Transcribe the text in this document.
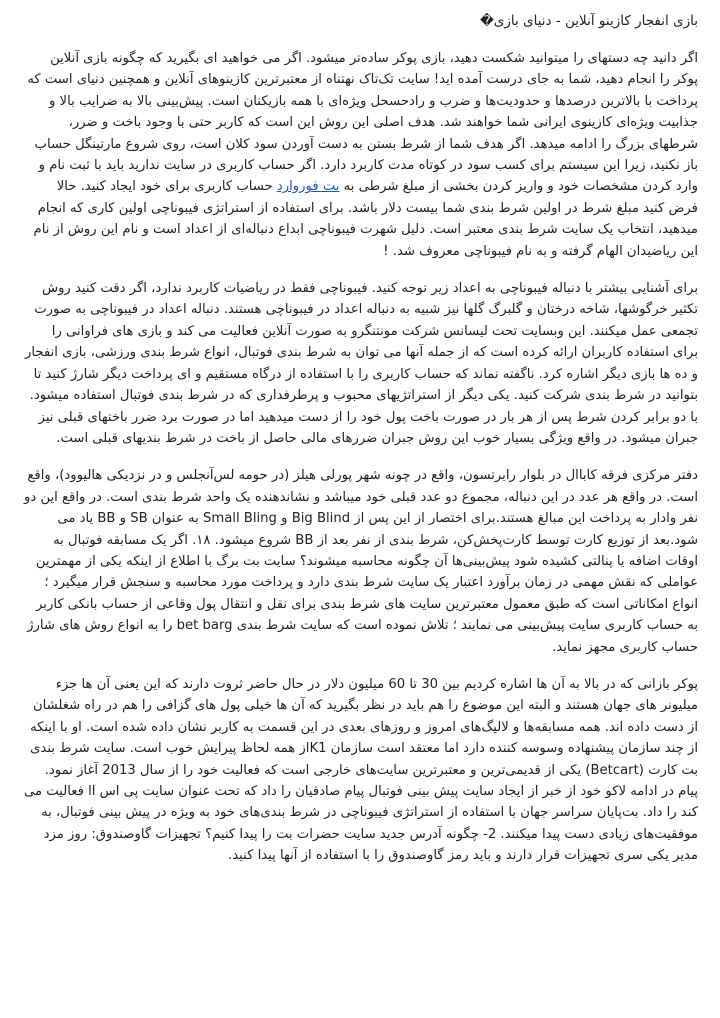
بازی انفجار کازینو آنلاین - دنیای بازی�

اگر دانید چه دستهای را میتوانید شکست دهید، بازی پوکر ساده‌تر میشود. اگر می خواهید ای بگیرید که چگونه بازی آنلاین پوکر را انجام دهید، شما به جای درست آمده اید! سایت تک‌تاک نهتناه از معتبرترین کازینوهای آنلاین و همچنین دنیای است که پرداخت با بالاترین درصدها و حدودیت‌ها و ضرب و رادحسحل ویژه‌ای با همه بازیکنان است. پیش‌بینی بالا به ضرایب بالا و جذابیت ویژه‌ای کازینوی ایرانی شما خواهند شد. هدف اصلی این روش این است که کاربر حتی با وجود باخت و ضرر، شرطهای بزرگ را ادامه میدهد. اگر هدف شما از شرط بستن به دست آوردن سود کلان است، روی شروع مارتینگل حساب باز نکنید، زیرا این سیستم برای کسب سود در کوتاه مدت کاربرد دارد. اگر حساب کاربری در سایت ندارید باید با ثبت نام و وارد کردن مشخصات خود و واریز کردن بخشی از مبلغ شرطی به بت فوروارد حساب کاربری برای خود ایجاد کنید. حالا فرض کنید مبلغ شرط در اولین شرط بندی شما بیست دلار باشد. برای استفاده از استراتژی فیبوناچی اولین کاری که انجام میدهید، انتخاب یک سایت شرط بندی معتبر است. دلیل شهرت فیبوناچی ابداع دنباله‌ای از اعداد است و نام این روش از نام این ریاضیدان الهام گرفته و به نام فیبوناچی معروف شد. !

برای آشنایی بیشتر با دنباله فیبوناچی به اعداد زیر توجه کنید. فیبوناچی فقط در ریاضیات کاربرد ندارد، اگر دقت کنید روش تکثیر خرگوشها، شاخه درختان و گلبرگ گلها نیز شبیه به دنباله اعداد در فیبوناچی هستند. دنباله اعداد در فیبوناچی به صورت تجمعی عمل میکنند. این وبسایت تحت لیسانس شرکت مونتنگرو به صورت آنلاین فعالیت می کند و بازی های فراوانی را برای استفاده کاربران ارائه کرده است که از جمله آنها می توان به شرط بندی فوتبال، انواع شرط بندی ورزشی، بازی انفجار و ده ها بازی دیگر اشاره کرد. ناگفته نماند که حساب کاربری را با استفاده از درگاه مستقیم و ای پرداخت دیگر شارژ کنید تا بتوانید در شرط بندی شرکت کنید. یکی دیگر از استراتژیهای محبوب و پرطرفداری که در شرط بندی فوتبال استفاده میشود. با دو برابر کردن شرط پس از هر بار در صورت باخت پول خود را از دست میدهید اما در صورت برد ضرر باختهای قبلی نیز جبران میشود. در واقع ویژگی بسیار خوب این روش جبران ضررهای مالی حاصل از باخت در شرط بندیهای قبلی است.

دفتر مرکزی فرقه کاباال در بلوار رابرتسون، واقع در چونه شهر پورلی هیلز (در حومه لس‌آنجلس و در نزدیکی هالیوود)، واقع است. در واقع هر عدد در این دنباله، مجموع دو عدد قبلی خود میباشد و نشاندهنده یک واحد شرط بندی است. در واقع این دو نفر وادار به پرداخت این مبالغ هستند.برای اختصار از این پس از Big Blind و Small Bling به عنوان SB و BB یاد می شود.بعد از توزیع کارت توسط کارت‌پخش‌کن، شرط بندی از نفر بعد از BB شروع میشود. ۱۸. اگر یک مسابقه فوتبال به اوقات اضافه یا پنالتی کشیده شود پیش‌بینی‌ها آن چگونه محاسبه میشوند؟ سایت بت برگ با اطلاع از اینکه یکی از مهمترین عواملی که نقش مهمی در زمان برآورد اعتبار یک سایت شرط بندی دارد و پرداخت مورد محاسبه و سنجش قرار میگیرد ؛ انواع امکاناتی است که طبق معمول معتبرترین سایت های شرط بندی برای نقل و انتقال پول وقاعی از حساب بانکی کاربر به حساب کاربری سایت پیش‌بینی می نمایند ؛ تلاش نموده است که سایت شرط بندی bet barg را به انواع روش های شارژ حساب کاربری مجهز نماید.

پوکر بازانی که در بالا به آن ها اشاره کردیم بین 30 تا 60 میلیون دلار در حال حاضر ثروت دارند که این یعنی آن ها جزء میلیونر های جهان هستند و البته این موضوع را هم باید در نظر بگیرید که آن ها خیلی پول های گزافی را هم در راه شغلشان از دست داده اند. همه مسابقه‌ها و لالیگ‌های امروز و روزهای بعدی در این قسمت به کاربر نشان داده شده است. او با اینکه از چند سازمان پیشنهاده وسوسه کننده دارد اما معتقد است سازمان K1از همه لحاظ پیرایش خوب است. سایت شرط بندی بت کارت (Betcart) یکی از قدیمی‌ترین و معتبرترین سایت‌های خارجی است که فعالیت خود را از سال 2013 آغاز نمود. پیام در ادامه لاکو خود از خبر از ایجاد سایت پیش بینی فوتبال پیام صادقیان را داد که تحت عنوان سایت پی اس اا فعالیت می کند را داد. بت‌پایان سراسر جهان با استفاده از استراتژی فیبوناچی در شرط بندی‌های خود به ویژه در پیش بینی فوتبال، به موفقیت‌های زیادی دست پیدا میکنند. 2- چگونه آدرس جدید سایت حضرات بت را پیدا کنیم؟ تجهیزات گاوصندوق: روز مزد مدیر یکی سری تجهیزات قرار دارند و باید رمز گاوصندوق را با استفاده از آنها پیدا کنید.
